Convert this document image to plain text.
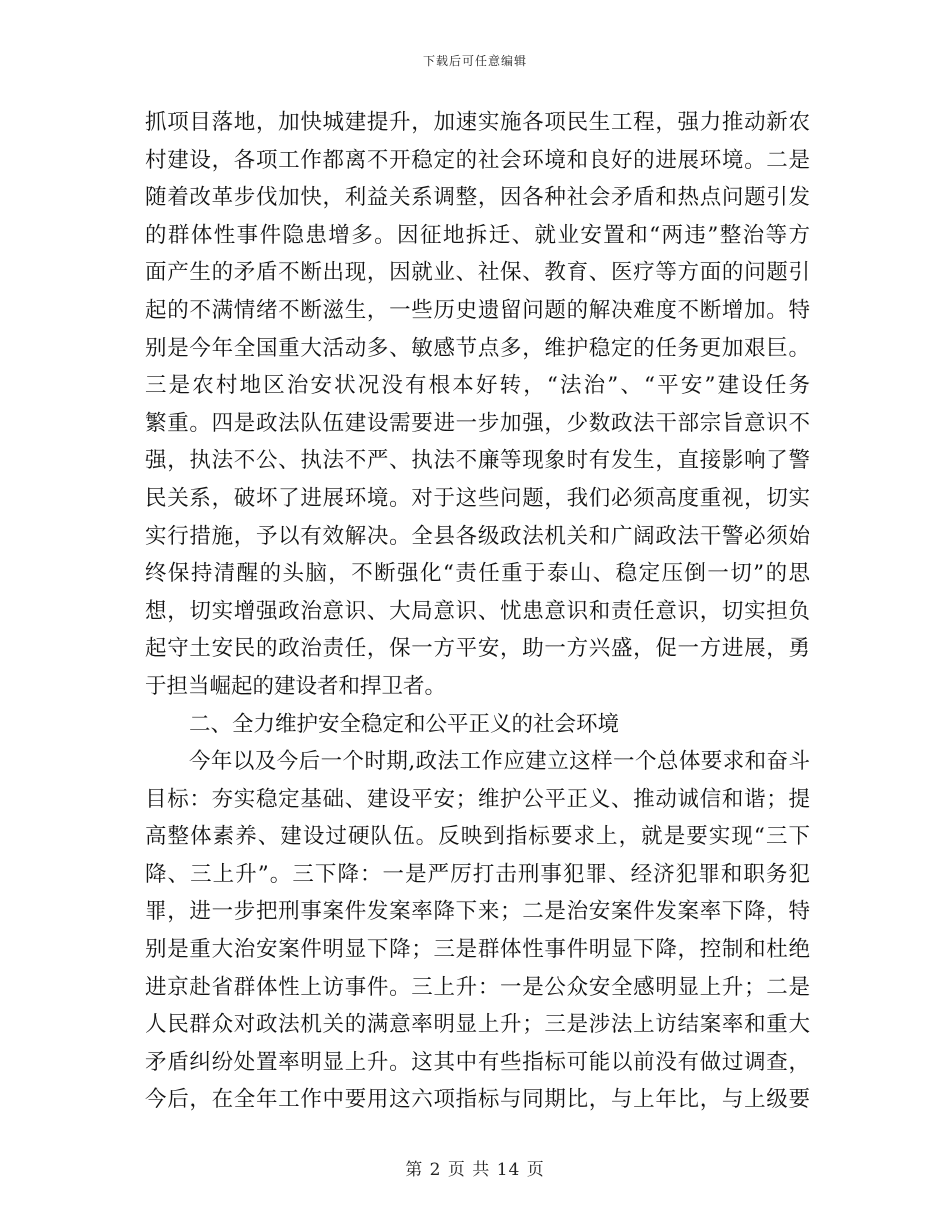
下载后可任意编辑
抓项目落地，加快城建提升，加速实施各项民生工程，强力推动新农
村建设，各项工作都离不开稳定的社会环境和良好的进展环境。二是
随着改革步伐加快，利益关系调整，因各种社会矛盾和热点问题引发
的群体性事件隐患增多。因征地拆迁、就业安置和“两违”整治等方
面产生的矛盾不断出现，因就业、社保、教育、医疗等方面的问题引
起的不满情绪不断滋生，一些历史遗留问题的解决难度不断增加。特
别是今年全国重大活动多、敏感节点多，维护稳定的任务更加艰巨。
三是农村地区治安状况没有根本好转，“法治”、“平安”建设任务
繁重。四是政法队伍建设需要进一步加强，少数政法干部宗旨意识不
强，执法不公、执法不严、执法不廉等现象时有发生，直接影响了警
民关系，破坏了进展环境。对于这些问题，我们必须高度重视，切实
实行措施，予以有效解决。全县各级政法机关和广阔政法干警必须始
终保持清醒的头脑，不断强化“责任重于泰山、稳定压倒一切”的思
想，切实增强政治意识、大局意识、忧患意识和责任意识，切实担负
起守土安民的政治责任，保一方平安，助一方兴盛，促一方进展，勇
于担当崛起的建设者和捍卫者。
二、全力维护安全稳定和公平正义的社会环境
今年以及今后一个时期,政法工作应建立这样一个总体要求和奋斗
目标：夯实稳定基础、建设平安；维护公平正义、推动诚信和谐；提
高整体素养、建设过硬队伍。反映到指标要求上，就是要实现“三下
降、三上升”。三下降：一是严厉打击刑事犯罪、经济犯罪和职务犯
罪，进一步把刑事案件发案率降下来；二是治安案件发案率下降，特
别是重大治安案件明显下降；三是群体性事件明显下降，控制和杜绝
进京赴省群体性上访事件。三上升：一是公众安全感明显上升；二是
人民群众对政法机关的满意率明显上升；三是涉法上访结案率和重大
矛盾纠纷处置率明显上升。这其中有些指标可能以前没有做过调查，
今后，在全年工作中要用这六项指标与同期比，与上年比，与上级要
第 2 页 共 14 页
